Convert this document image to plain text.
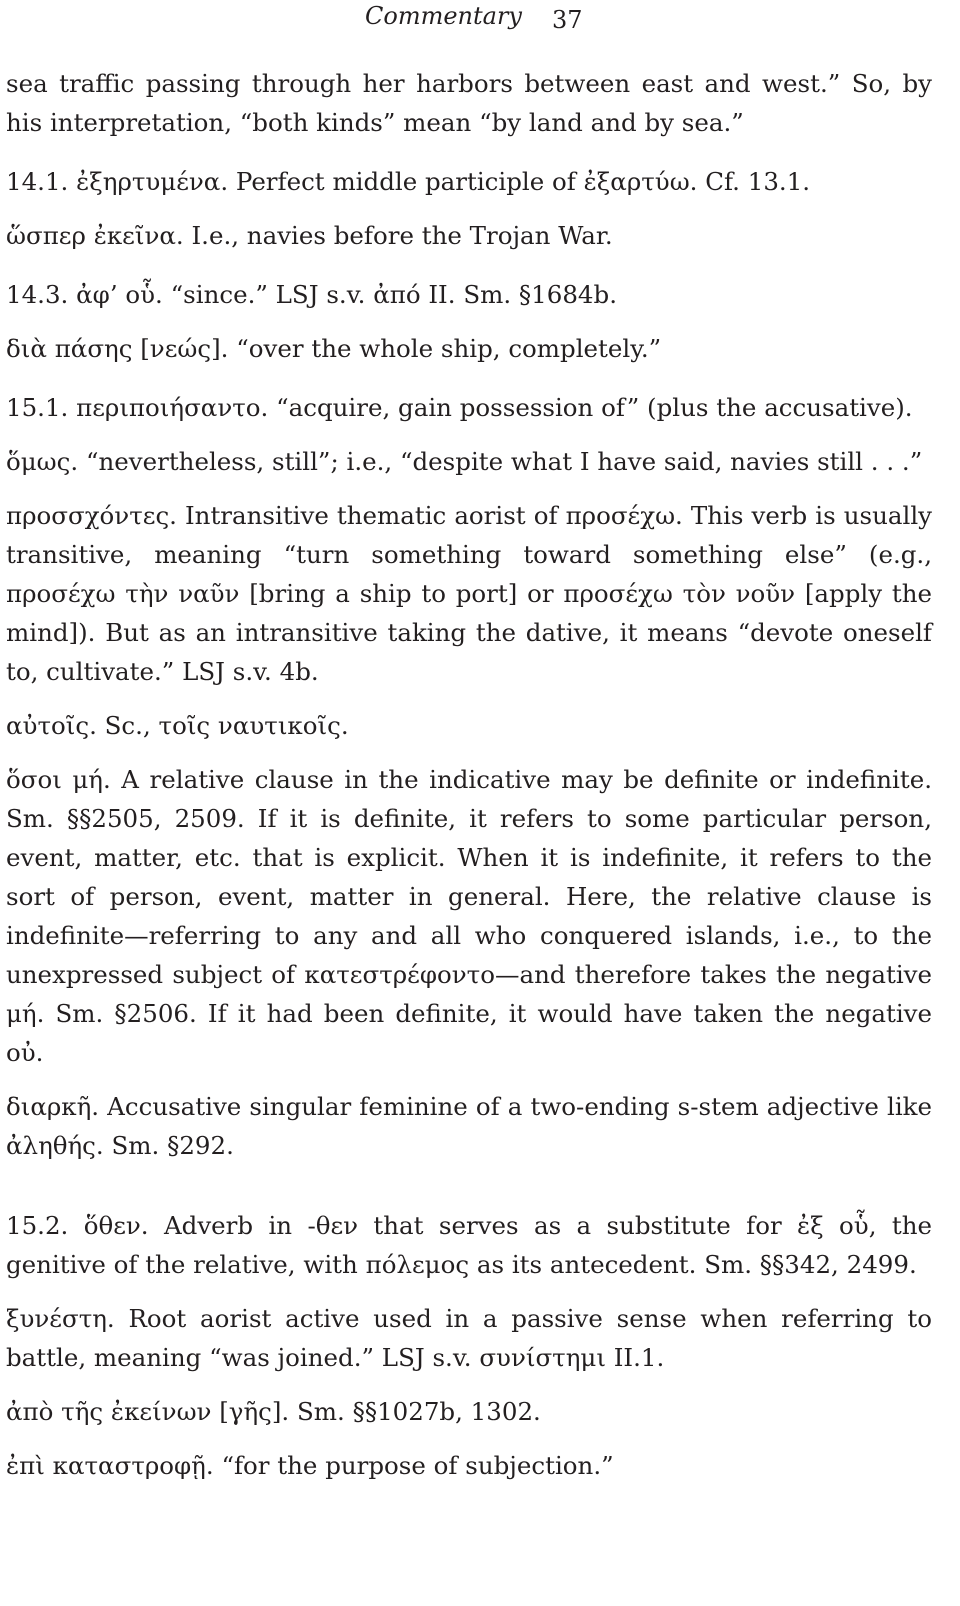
Commentary 37

sea traffic passing through her harbors between east and west.” So, by his interpretation, “both kinds” mean “by land and by sea.”

14.1. ἐξηρτυμένα. Perfect middle participle of ἐξαρτύω. Cf. 13.1.

ὥσπερ ἐκεῖνα. I.e., navies before the Trojan War.

14.3. ἀφ’ οὗ. “since.” LSJ s.v. ἀπό II. Sm. §1684b.

διὰ πάσης [νεώς]. “over the whole ship, completely.”

15.1. περιποιήσαντο. “acquire, gain possession of” (plus the accusative).

ὅμως. “nevertheless, still”; i.e., “despite what I have said, navies still . . .”

προσσχόντες. Intransitive thematic aorist of προσέχω. This verb is usually transitive, meaning “turn something toward something else” (e.g., προσέχω τὴν ναῦν [bring a ship to port] or προσέχω τὸν νοῦν [apply the mind]). But as an intransitive taking the dative, it means “devote oneself to, cultivate.” LSJ s.v. 4b.

αὐτοῖς. Sc., τοῖς ναυτικοῖς.

ὅσοι μή. A relative clause in the indicative may be definite or indefinite. Sm. §§2505, 2509. If it is definite, it refers to some particular person, event, matter, etc. that is explicit. When it is indefinite, it refers to the sort of person, event, matter in general. Here, the relative clause is indefinite—referring to any and all who conquered islands, i.e., to the unexpressed subject of κατεστρέφοντο—and therefore takes the negative μή. Sm. §2506. If it had been definite, it would have taken the negative οὐ.

διαρκῆ. Accusative singular feminine of a two-ending s-stem adjective like ἀληθής. Sm. §292.

15.2. ὅθεν. Adverb in -θεν that serves as a substitute for ἐξ οὗ, the genitive of the relative, with πόλεμος as its antecedent. Sm. §§342, 2499.

ξυνέστη. Root aorist active used in a passive sense when referring to battle, meaning “was joined.” LSJ s.v. συνίστημι II.1.

ἀπὸ τῆς ἐκείνων [γῆς]. Sm. §§1027b, 1302.

ἐπὶ καταστροφῇ. “for the purpose of subjection.”
